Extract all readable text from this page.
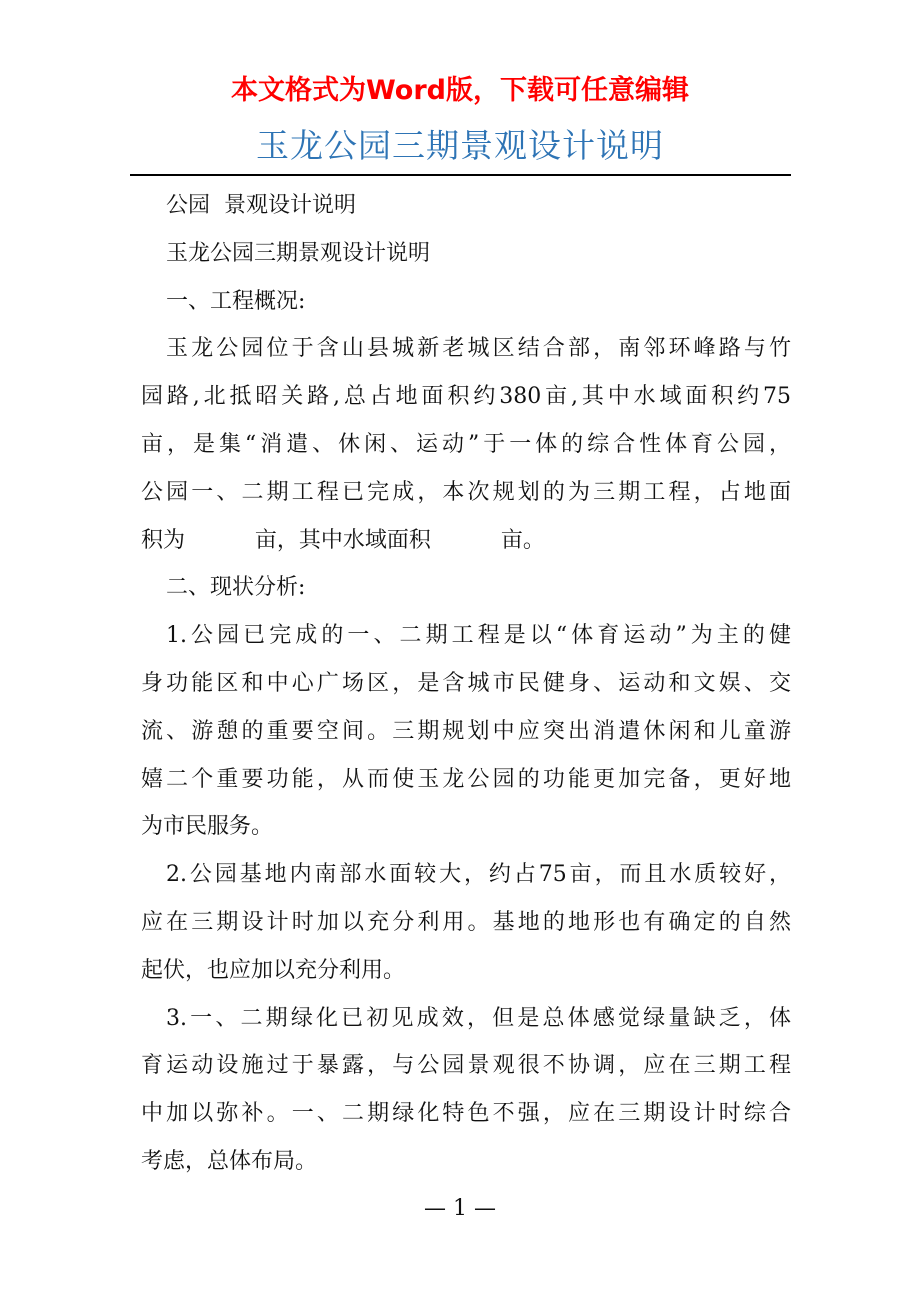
本文格式为Word版，下载可任意编辑
玉龙公园三期景观设计说明
公园  景观设计说明
玉龙公园三期景观设计说明
一、工程概况:
玉龙公园位于含山县城新老城区结合部，南邻环峰路与竹
园路,北抵昭关路,总占地面积约380亩,其中水域面积约75
亩，是集“消遣、休闲、运动”于一体的综合性体育公园，
公园一、二期工程已完成，本次规划的为三期工程，占地面
积为          亩，其中水域面积          亩。
二、现状分析:
1.公园已完成的一、二期工程是以“体育运动”为主的健
身功能区和中心广场区，是含城市民健身、运动和文娱、交
流、游憩的重要空间。三期规划中应突出消遣休闲和儿童游
嬉二个重要功能，从而使玉龙公园的功能更加完备，更好地
为市民服务。
2.公园基地内南部水面较大，约占75亩，而且水质较好，
应在三期设计时加以充分利用。基地的地形也有确定的自然
起伏，也应加以充分利用。
3.一、二期绿化已初见成效，但是总体感觉绿量缺乏，体
育运动设施过于暴露，与公园景观很不协调，应在三期工程
中加以弥补。一、二期绿化特色不强，应在三期设计时综合
考虑，总体布局。
— 1 —
